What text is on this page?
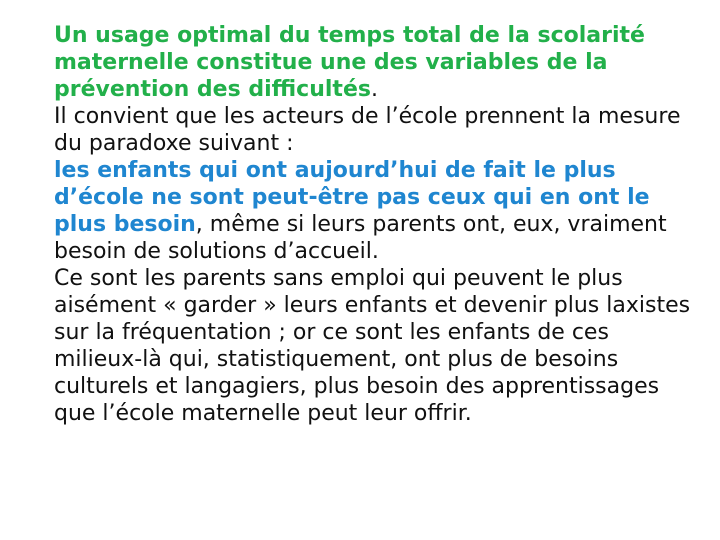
Un usage optimal du temps total de la scolarité maternelle constitue une des variables de la prévention des difficultés.

Il convient que les acteurs de l’école prennent la mesure du paradoxe suivant :

les enfants qui ont aujourd’hui de fait le plus d’école ne sont peut-être pas ceux qui en ont le plus besoin, même si leurs parents ont, eux, vraiment besoin de solutions d’accueil.

Ce sont les parents sans emploi qui peuvent le plus aisément « garder » leurs enfants et devenir plus laxistes sur la fréquentation ; or ce sont les enfants de ces milieux-là qui, statistiquement, ont plus de besoins culturels et langagiers, plus besoin des apprentissages que l’école maternelle peut leur offrir.
